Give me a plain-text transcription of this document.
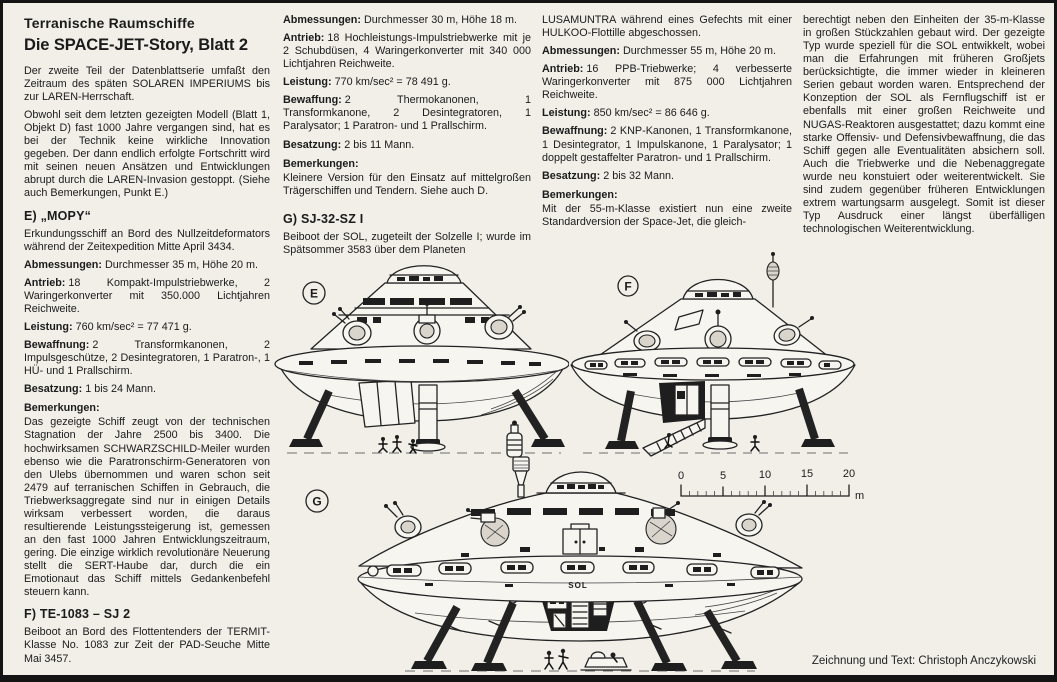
Terranische Raumschiffe
Die SPACE-JET-Story, Blatt 2

Der zweite Teil der Datenblattserie umfaßt den Zeitraum des späten SOLAREN IMPERIUMS bis zur LAREN-Herrschaft.

Obwohl seit dem letzten gezeigten Modell (Blatt 1, Objekt D) fast 1000 Jahre vergangen sind, hat es bei der Technik keine wirkliche Innovation gegeben. Der dann endlich erfolgte Fortschritt wird mit seinen neuen Ansätzen und Entwicklungen abrupt durch die LAREN-Invasion gestoppt. (Siehe auch Bemerkungen, Punkt E.)

E) „MOPY“

Erkundungsschiff an Bord des Nullzeitdeformators während der Zeitexpedition Mitte April 3434.

Abmessungen: Durchmesser 35 m, Höhe 20 m.

Antrieb: 18 Kompakt-Impulstriebwerke, 2 Waringerkonverter mit 350.000 Lichtjahren Reichweite.

Leistung: 760 km/sec² = 77 471 g.

Bewaffnung: 2 Transformkanonen, 2 Impulsgeschütze, 2 Desintegratoren, 1 Paratron-, 1 HÜ- und 1 Prallschirm.

Besatzung: 1 bis 24 Mann.

Bemerkungen:

Das gezeigte Schiff zeugt von der technischen Stagnation der Jahre 2500 bis 3400. Die hochwirksamen SCHWARZSCHILD-Meiler wurden ebenso wie die Paratronschirm-Generatoren von den Ulebs übernommen und waren schon seit 2479 auf terranischen Schiffen in Gebrauch, die Triebwerksaggregate sind nur in einigen Details wirksam verbessert worden, die daraus resultierende Leistungssteigerung ist, gemessen an den fast 1000 Jahren Entwicklungszeitraum, gering. Die einzige wirklich revolutionäre Neuerung stellt die SERT-Haube dar, durch die ein Emotionaut das Schiff mittels Gedankenbefehl steuern kann.

F) TE-1083 – SJ 2

Beiboot an Bord des Flottentenders der TERMIT-Klasse No. 1083 zur Zeit der PAD-Seuche Mitte Mai 3457.

Abmessungen: Durchmesser 30 m, Höhe 18 m.

Antrieb: 18 Hochleistungs-Impulstriebwerke mit je 2 Schubdüsen, 4 Waringerkonverter mit 340 000 Lichtjahren Reichweite.

Leistung: 770 km/sec² = 78 491 g.

Bewaffung: 2 Thermokanonen, 1 Transformkanone, 2 Desintegratoren, 1 Paralysator; 1 Paratron- und 1 Prallschirm.

Besatzung: 2 bis 11 Mann.

Bemerkungen:

Kleinere Version für den Einsatz auf mittelgroßen Trägerschiffen und Tendern. Siehe auch D.

G) SJ-32-SZ I

Beiboot der SOL, zugeteilt der Solzelle I; wurde im Spätsommer 3583 über dem Planeten

LUSAMUNTRA während eines Gefechts mit einer HULKOO-Flottille abgeschossen.

Abmessungen: Durchmesser 55 m, Höhe 20 m.

Antrieb: 16 PPB-Triebwerke; 4 verbesserte Waringerkonverter mit 875 000 Lichtjahren Reichweite.

Leistung: 850 km/sec² = 86 646 g.

Bewaffnung: 2 KNP-Kanonen, 1 Transformkanone, 1 Desintegrator, 1 Impulskanone, 1 Paralysator; 1 doppelt gestaffelter Paratron- und 1 Prallschirm.

Besatzung: 2 bis 32 Mann.

Bemerkungen:

Mit der 55-m-Klasse existiert nun eine zweite Standardversion der Space-Jet, die gleich-

berechtigt neben den Einheiten der 35-m-Klasse in großen Stückzahlen gebaut wird. Der gezeigte Typ wurde speziell für die SOL entwikkelt, wobei man die Erfahrungen mit früheren Großjets berücksichtigte, die immer wieder in kleineren Serien gebaut worden waren. Entsprechend der Konzeption der SOL als Fernflugschiff ist er ebenfalls mit einer großen Reichweite und NUGAS-Reaktoren ausgestattet; dazu kommt eine starke Offensiv- und Defensivbewaffnung, die das Schiff gegen alle Eventualitäten absichern soll. Auch die Triebwerke und die Nebenaggregate wurde neu konstuiert oder weiterentwickelt. Sie sind zudem gegenüber früheren Entwicklungen extrem wartungsarm ausgelegt. Somit ist dieser Typ Ausdruck einer längst überfälligen technologischen Weiterentwicklung.

E	F
SOL
G
0	5	10	15	20
m
Zeichnung und Text: Christoph Anczykowski
